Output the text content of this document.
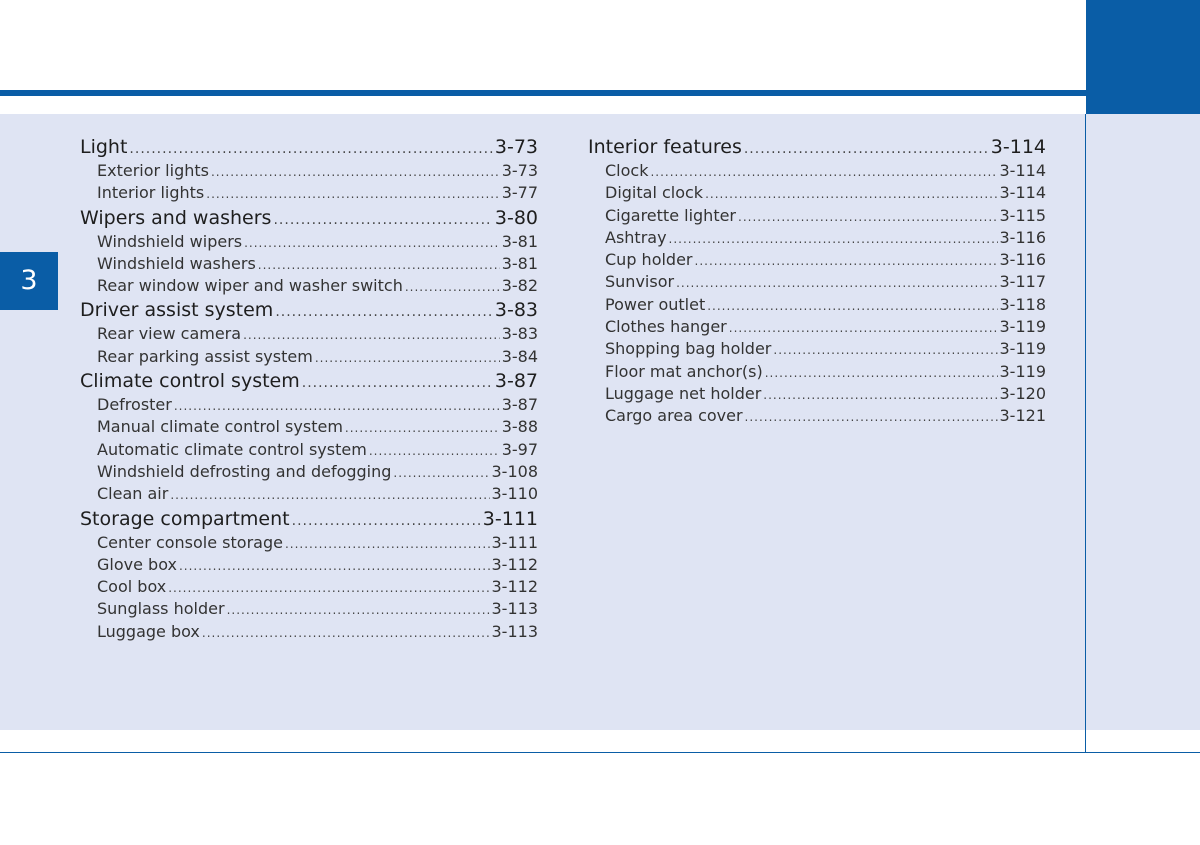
3
Light .....	3-73
Exterior lights .....	3-73
Interior lights .....	3-77
Wipers and washers .....	3-80
Windshield wipers .....	3-81
Windshield washers .....	3-81
Rear window wiper and washer switch .....	3-82
Driver assist system .....	3-83
Rear view camera .....	3-83
Rear parking assist system .....	3-84
Climate control system .....	3-87
Defroster .....	3-87
Manual climate control system .....	3-88
Automatic climate control system .....	3-97
Windshield defrosting and defogging .....	3-108
Clean air .....	3-110
Storage compartment .....	3-111
Center console storage .....	3-111
Glove box .....	3-112
Cool box .....	3-112
Sunglass holder .....	3-113
Luggage box .....	3-113
Interior features .....	3-114
Clock .....	3-114
Digital clock .....	3-114
Cigarette lighter .....	3-115
Ashtray .....	3-116
Cup holder .....	3-116
Sunvisor .....	3-117
Power outlet .....	3-118
Clothes hanger .....	3-119
Shopping bag holder .....	3-119
Floor mat anchor(s) .....	3-119
Luggage net holder .....	3-120
Cargo area cover .....	3-121
